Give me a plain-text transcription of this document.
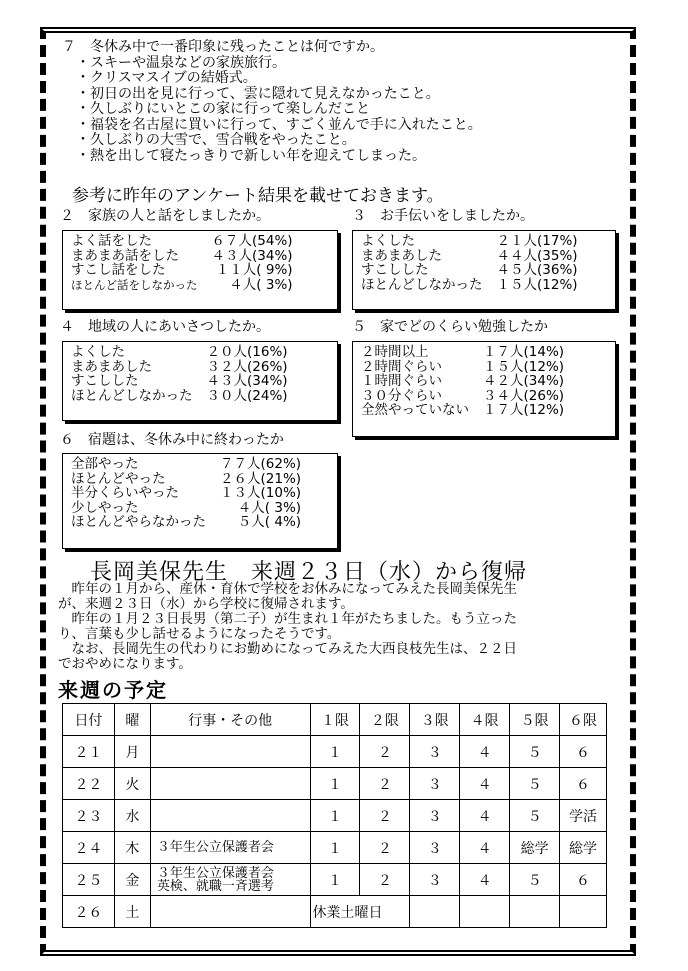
７　冬休み中で一番印象に残ったことは何ですか。
・スキーや温泉などの家族旅行。
・クリスマスイブの結婚式。
・初日の出を見に行って、雲に隠れて見えなかったこと。
・久しぶりにいとこの家に行って楽しんだこと
・福袋を名古屋に買いに行って、すごく並んで手に入れたこと。
・久しぶりの大雪で、雪合戦をやったこと。
・熱を出して寝たっきりで新しい年を迎えてしまった。
参考に昨年のアンケート結果を載せておきます。
２　家族の人と話をしましたか。
よく話をした	６７人(54%)
まあまあ話をした	４３人(34%)
すこし話をした	１１人( 9%)
ほとんど話をしなかった	４人( 3%)
３　お手伝いをしましたか。
よくした	２１人(17%)
まあまあした	４４人(35%)
すこしした	４５人(36%)
ほとんどしなかった	１５人(12%)
４　地域の人にあいさつしたか。
よくした	２０人(16%)
まあまあした	３２人(26%)
すこしした	４３人(34%)
ほとんどしなかった	３０人(24%)
５　家でどのくらい勉強したか
２時間以上	１７人(14%)
２時間ぐらい	１５人(12%)
１時間ぐらい	４２人(34%)
３０分ぐらい	３４人(26%)
全然やっていない	１７人(12%)
６　宿題は、冬休み中に終わったか
全部やった	７７人(62%)
ほとんどやった	２６人(21%)
半分くらいやった	１３人(10%)
少しやった	４人( 3%)
ほとんどやらなかった	５人( 4%)
長岡美保先生　来週２３日（水）から復帰
　昨年の１月から、産休・育休で学校をお休みになってみえた長岡美保先生
が、来週２３日（水）から学校に復帰されます。
　昨年の１月２３日長男（第二子）が生まれ１年がたちました。もう立った
り、言葉も少し話せるようになったそうです。
　なお、長岡先生の代わりにお勤めになってみえた大西良枝先生は、２２日
でおやめになります。
来週の予定
日付	曜	行事・その他	１限	２限	３限	４限	５限	６限
２１	月		１	２	３	４	５	６
２２	火		１	２	３	４	５	６
２３	水		１	２	３	４	５	学活
２４	木	３年生公立保護者会	１	２	３	４	総学	総学
２５	金	３年生公立保護者会
英検、就職一斉選考	１	２	３	４	５	６
２６	土		休業土曜日					
